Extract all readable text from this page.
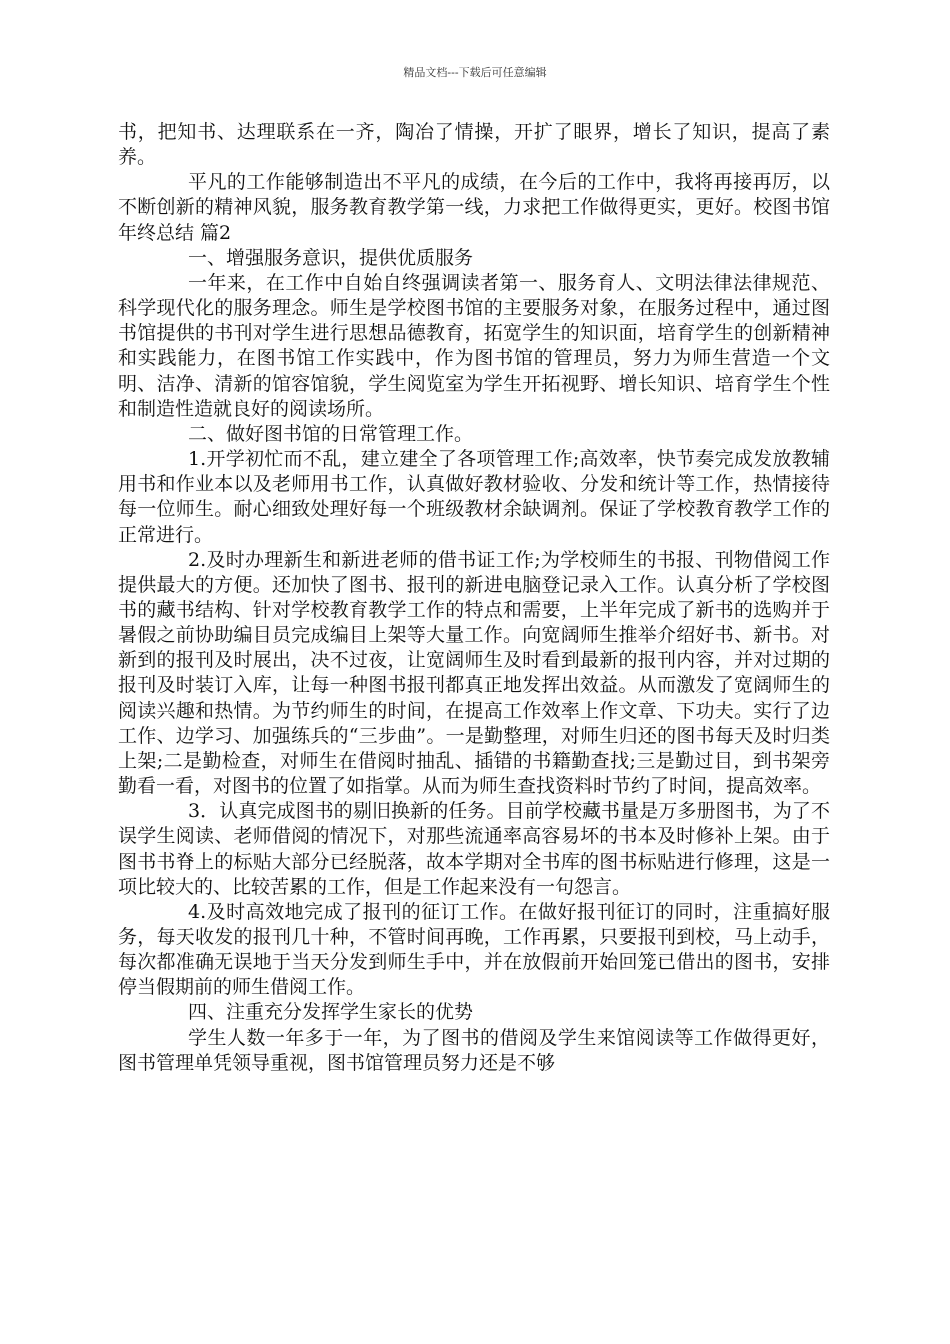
精品文档---下载后可任意编辑

书，把知书、达理联系在一齐，陶冶了情操，开扩了眼界，增长了知识，提高了素养。

平凡的工作能够制造出不平凡的成绩，在今后的工作中，我将再接再厉，以不断创新的精神风貌，服务教育教学第一线，力求把工作做得更实，更好。校图书馆年终总结 篇2

一、增强服务意识，提供优质服务

一年来，在工作中自始自终强调读者第一、服务育人、文明法律法律规范、科学现代化的服务理念。师生是学校图书馆的主要服务对象，在服务过程中，通过图书馆提供的书刊对学生进行思想品德教育，拓宽学生的知识面，培育学生的创新精神和实践能力，在图书馆工作实践中，作为图书馆的管理员，努力为师生营造一个文明、洁净、清新的馆容馆貌，学生阅览室为学生开拓视野、增长知识、培育学生个性和制造性造就良好的阅读场所。

二、做好图书馆的日常管理工作。

1.开学初忙而不乱，建立建全了各项管理工作;高效率，快节奏完成发放教辅用书和作业本以及老师用书工作，认真做好教材验收、分发和统计等工作，热情接待每一位师生。耐心细致处理好每一个班级教材余缺调剂。保证了学校教育教学工作的正常进行。

2.及时办理新生和新进老师的借书证工作;为学校师生的书报、刊物借阅工作提供最大的方便。还加快了图书、报刊的新进电脑登记录入工作。认真分析了学校图书的藏书结构、针对学校教育教学工作的特点和需要，上半年完成了新书的选购并于暑假之前协助编目员完成编目上架等大量工作。向宽阔师生推举介绍好书、新书。对新到的报刊及时展出，决不过夜，让宽阔师生及时看到最新的报刊内容，并对过期的报刊及时装订入库，让每一种图书报刊都真正地发挥出效益。从而激发了宽阔师生的阅读兴趣和热情。为节约师生的时间，在提高工作效率上作文章、下功夫。实行了边工作、边学习、加强练兵的“三步曲”。一是勤整理，对师生归还的图书每天及时归类上架;二是勤检查，对师生在借阅时抽乱、插错的书籍勤查找;三是勤过目，到书架旁勤看一看，对图书的位置了如指掌。从而为师生查找资料时节约了时间，提高效率。

3．认真完成图书的剔旧换新的任务。目前学校藏书量是万多册图书，为了不误学生阅读、老师借阅的情况下，对那些流通率高容易坏的书本及时修补上架。由于图书书脊上的标贴大部分已经脱落，故本学期对全书库的图书标贴进行修理，这是一项比较大的、比较苦累的工作，但是工作起来没有一句怨言。

4.及时高效地完成了报刊的征订工作。在做好报刊征订的同时，注重搞好服务，每天收发的报刊几十种，不管时间再晚，工作再累，只要报刊到校，马上动手，每次都准确无误地于当天分发到师生手中，并在放假前开始回笼已借出的图书，安排停当假期前的师生借阅工作。

四、注重充分发挥学生家长的优势

学生人数一年多于一年，为了图书的借阅及学生来馆阅读等工作做得更好，图书管理单凭领导重视，图书馆管理员努力还是不够
